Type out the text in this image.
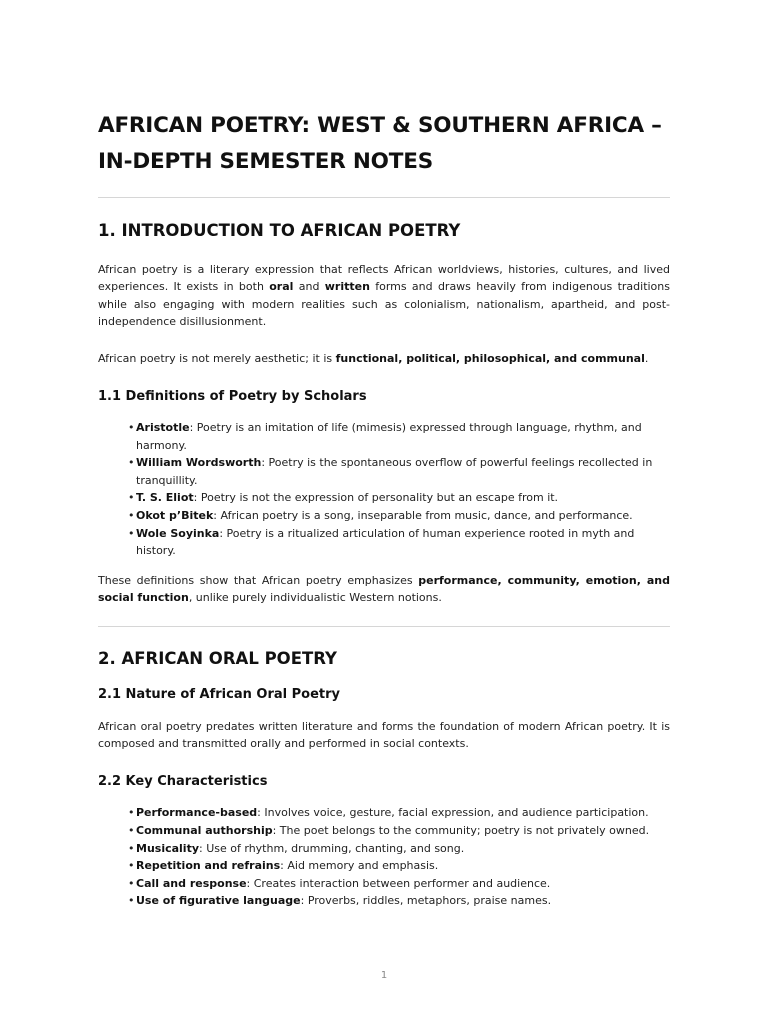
AFRICAN POETRY: WEST & SOUTHERN AFRICA –
IN-DEPTH SEMESTER NOTES
1. INTRODUCTION TO AFRICAN POETRY

African poetry is a literary expression that reflects African worldviews, histories, cultures, and lived experiences. It exists in both oral and written forms and draws heavily from indigenous traditions while also engaging with modern realities such as colonialism, nationalism, apartheid, and post-independence disillusionment.

African poetry is not merely aesthetic; it is functional, political, philosophical, and communal.

1.1 Definitions of Poetry by Scholars
• Aristotle: Poetry is an imitation of life (mimesis) expressed through language, rhythm, and harmony.
• William Wordsworth: Poetry is the spontaneous overflow of powerful feelings recollected in tranquillity.
• T. S. Eliot: Poetry is not the expression of personality but an escape from it.
• Okot p’Bitek: African poetry is a song, inseparable from music, dance, and performance.
• Wole Soyinka: Poetry is a ritualized articulation of human experience rooted in myth and history.

These definitions show that African poetry emphasizes performance, community, emotion, and social function, unlike purely individualistic Western notions.

2. AFRICAN ORAL POETRY
2.1 Nature of African Oral Poetry

African oral poetry predates written literature and forms the foundation of modern African poetry. It is composed and transmitted orally and performed in social contexts.

2.2 Key Characteristics
• Performance-based: Involves voice, gesture, facial expression, and audience participation.
• Communal authorship: The poet belongs to the community; poetry is not privately owned.
• Musicality: Use of rhythm, drumming, chanting, and song.
• Repetition and refrains: Aid memory and emphasis.
• Call and response: Creates interaction between performer and audience.
• Use of figurative language: Proverbs, riddles, metaphors, praise names.
1
